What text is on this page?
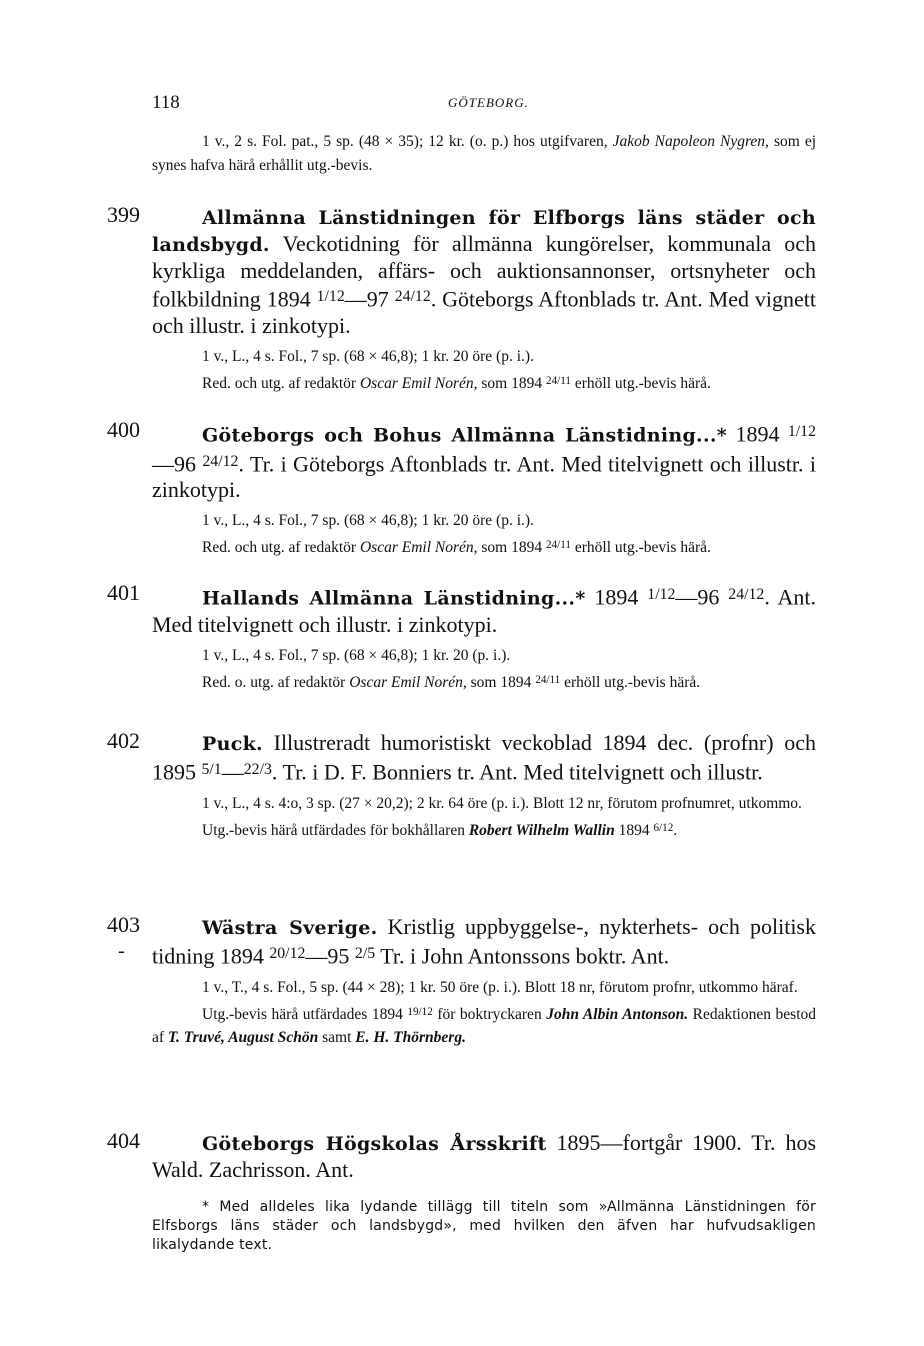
118	GÖTEBORG.
1 v., 2 s. Fol. pat., 5 sp. (48 × 35); 12 kr. (o. p.) hos utgifvaren, Jakob Napoleon Nygren, som ej synes hafva härå erhållit utg.-bevis.
399	Allmänna Länstidningen för Elfborgs läns städer och landsbygd. Veckotidning för allmänna kungörelser, kommunala och kyrkliga meddelanden, affärs- och auktionsannonser, ortsnyheter och folkbildning 1894 $^{1/12}$—97 $^{24/12}$. Göteborgs Aftonblads tr. Ant. Med vignett och illustr. i zinkotypi.
1 v., L., 4 s. Fol., 7 sp. (68 × 46,8); 1 kr. 20 öre (p. i.).
Red. och utg. af redaktör Oscar Emil Norén, som 1894 $^{24/11}$ erhöll utg.-bevis härå.
400	Göteborgs och Bohus Allmänna Länstidning...* 1894 $^{1/12}$—96 $^{24/12}$. Tr. i Göteborgs Aftonblads tr. Ant. Med titelvignett och illustr. i zinkotypi.
1 v., L., 4 s. Fol., 7 sp. (68 × 46,8); 1 kr. 20 öre (p. i.).
Red. och utg. af redaktör Oscar Emil Norén, som 1894 $^{24/11}$ erhöll utg.-bevis härå.
401	Hallands Allmänna Länstidning...* 1894 $^{1/12}$—96 $^{24/12}$. Ant. Med titelvignett och illustr. i zinkotypi.
1 v., L., 4 s. Fol., 7 sp. (68 × 46,8); 1 kr. 20 (p. i.).
Red. o. utg. af redaktör Oscar Emil Norén, som 1894 $^{24/11}$ erhöll utg.-bevis härå.
402	Puck. Illustreradt humoristiskt veckoblad 1894 dec. (profnr) och 1895 $^{5/1}$—$^{22/3}$. Tr. i D. F. Bonniers tr. Ant. Med titelvignett och illustr.
1 v., L., 4 s. 4:o, 3 sp. (27 × 20,2); 2 kr. 64 öre (p. i.). Blott 12 nr, förutom profnumret, utkommo.
Utg.-bevis härå utfärdades för bokhållaren Robert Wilhelm Wallin 1894 $^{6/12}$.
403
-
Wästra Sverige. Kristlig uppbyggelse-, nykterhets- och politisk tidning 1894 $^{20/12}$—95 $^{2/5}$ Tr. i John Antonssons boktr. Ant.
1 v., T., 4 s. Fol., 5 sp. (44 × 28); 1 kr. 50 öre (p. i.). Blott 18 nr, förutom profnr, utkommo häraf.
Utg.-bevis härå utfärdades 1894 $^{19/12}$ för boktryckaren John Albin Antonson. Redaktionen bestod af T. Truvé, August Schön samt E. H. Thörnberg.
404	Göteborgs Högskolas Årsskrift 1895—fortgår 1900. Tr. hos Wald. Zachrisson. Ant.
* Med alldeles lika lydande tillägg till titeln som »Allmänna Länstidningen för Elfsborgs läns städer och landsbygd», med hvilken den äfven har hufvudsakligen likalydande text.
